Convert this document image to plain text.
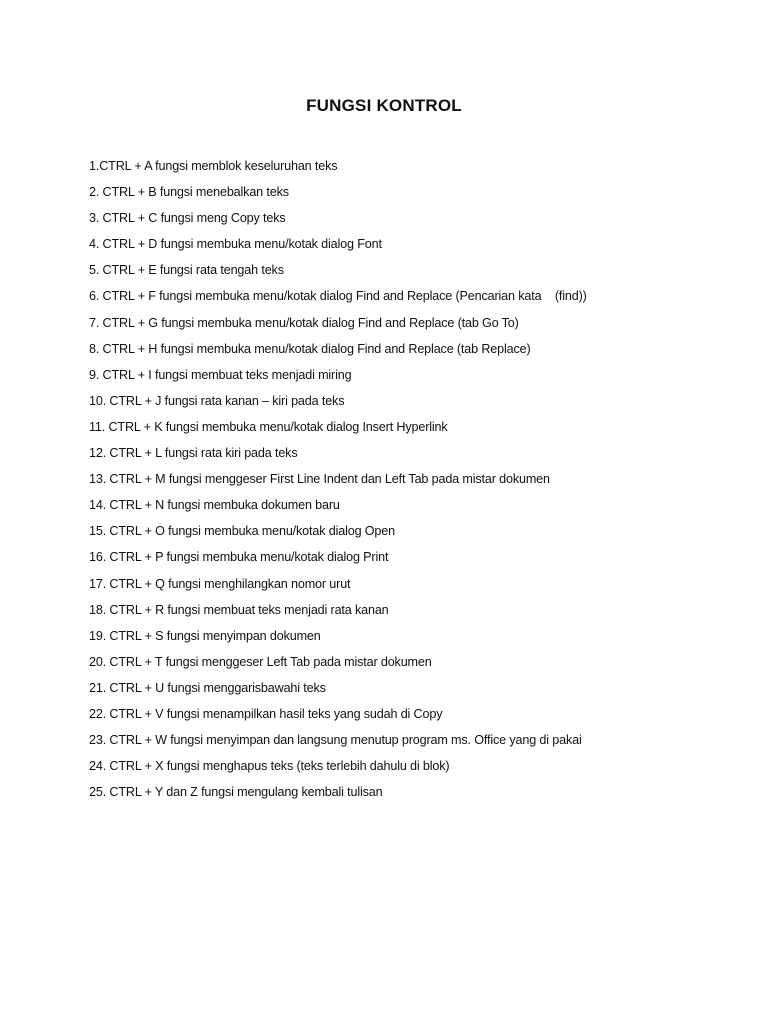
FUNGSI KONTROL
1.CTRL + A fungsi memblok keseluruhan teks
2. CTRL + B fungsi menebalkan teks
3. CTRL + C fungsi meng Copy teks
4. CTRL + D fungsi membuka menu/kotak dialog Font
5. CTRL + E fungsi rata tengah teks
6. CTRL + F fungsi membuka menu/kotak dialog Find and Replace (Pencarian kata    (find))
7. CTRL + G fungsi membuka menu/kotak dialog Find and Replace (tab Go To)
8. CTRL + H fungsi membuka menu/kotak dialog Find and Replace (tab Replace)
9. CTRL + I fungsi membuat teks menjadi miring
10. CTRL + J fungsi rata kanan – kiri pada teks
11. CTRL + K fungsi membuka menu/kotak dialog Insert Hyperlink
12. CTRL + L fungsi rata kiri pada teks
13. CTRL + M fungsi menggeser First Line Indent dan Left Tab pada mistar dokumen
14. CTRL + N fungsi membuka dokumen baru
15. CTRL + O fungsi membuka menu/kotak dialog Open
16. CTRL + P fungsi membuka menu/kotak dialog Print
17. CTRL + Q fungsi menghilangkan nomor urut
18. CTRL + R fungsi membuat teks menjadi rata kanan
19. CTRL + S fungsi menyimpan dokumen
20. CTRL + T fungsi menggeser Left Tab pada mistar dokumen
21. CTRL + U fungsi menggarisbawahi teks
22. CTRL + V fungsi menampilkan hasil teks yang sudah di Copy
23. CTRL + W fungsi menyimpan dan langsung menutup program ms. Office yang di pakai
24. CTRL + X fungsi menghapus teks (teks terlebih dahulu di blok)
25. CTRL + Y dan Z fungsi mengulang kembali tulisan
